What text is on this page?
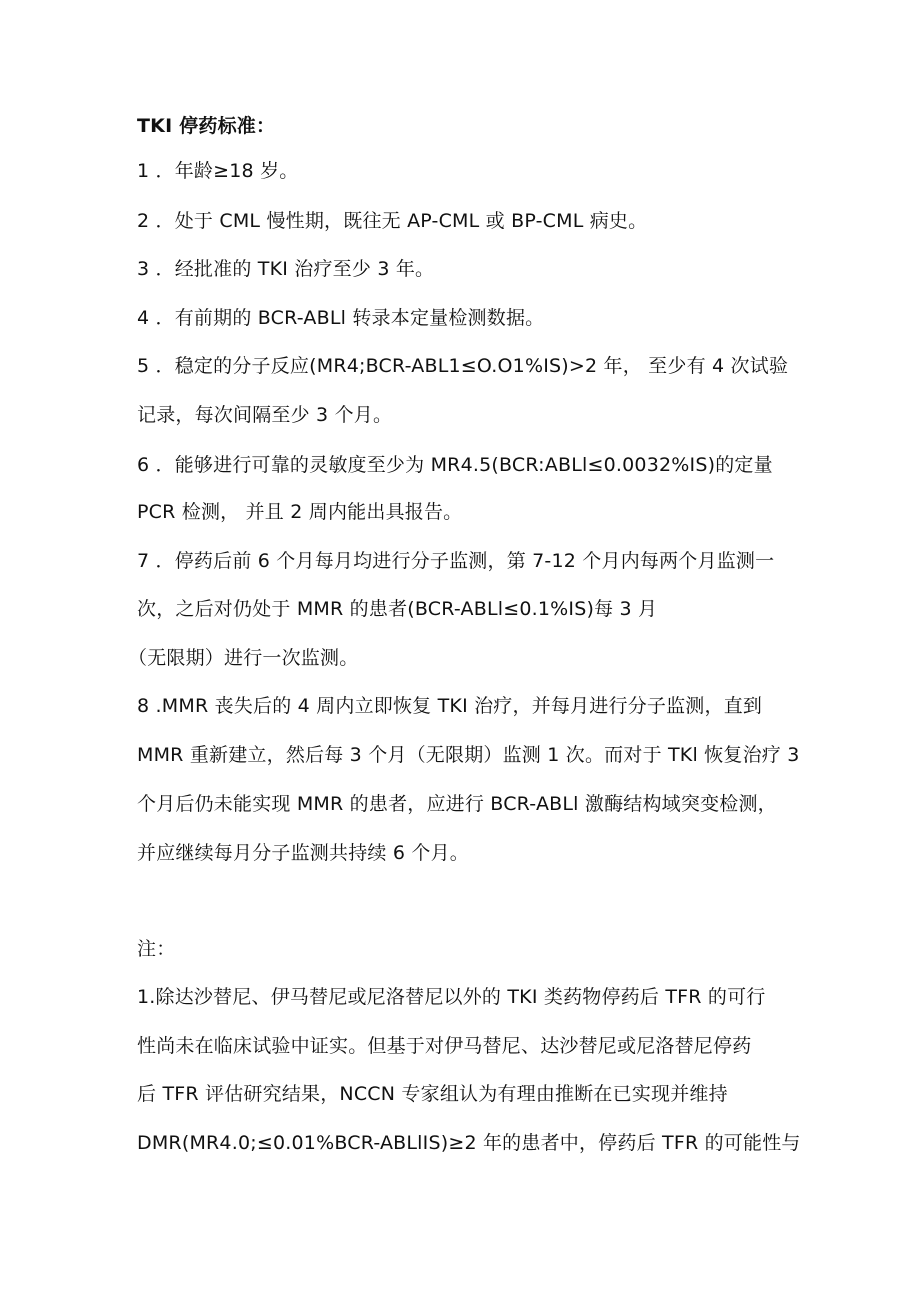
TKI 停药标准：
1 ．年龄≥18 岁。
2 ．处于 CML 慢性期，既往无 AP-CML 或 BP-CML 病史。
3 ．经批准的 TKI 治疗至少 3 年。
4 ．有前期的 BCR-ABLl 转录本定量检测数据。
5 ．稳定的分子反应(MR4;BCR-ABL1≤O.O1%IS)>2 年， 至少有 4 次试验
记录，每次间隔至少 3 个月。
6 ．能够进行可靠的灵敏度至少为 MR4.5(BCR:ABLl≤0.0032%IS)的定量
PCR 检测， 并且 2 周内能出具报告。
7 ．停药后前 6 个月每月均进行分子监测，第 7-12 个月内每两个月监测一
次，之后对仍处于 MMR 的患者(BCR-ABLl≤0.1%IS)每 3 月
（无限期）进行一次监测。
8 .MMR 丧失后的 4 周内立即恢复 TKI 治疗，并每月进行分子监测，直到
MMR 重新建立，然后每 3 个月（无限期）监测 1 次。而对于 TKl 恢复治疗 3
个月后仍未能实现 MMR 的患者，应进行 BCR-ABLl 激酶结构域突变检测，
并应继续每月分子监测共持续 6 个月。
注：
1.除达沙替尼、伊马替尼或尼洛替尼以外的 TKI 类药物停药后 TFR 的可行
性尚未在临床试验中证实。但基于对伊马替尼、达沙替尼或尼洛替尼停药
后 TFR 评估研究结果，NCCN 专家组认为有理由推断在已实现并维持
DMR(MR4.0;≤0.01%BCR-ABLlIS)≥2 年的患者中，停药后 TFR 的可能性与
